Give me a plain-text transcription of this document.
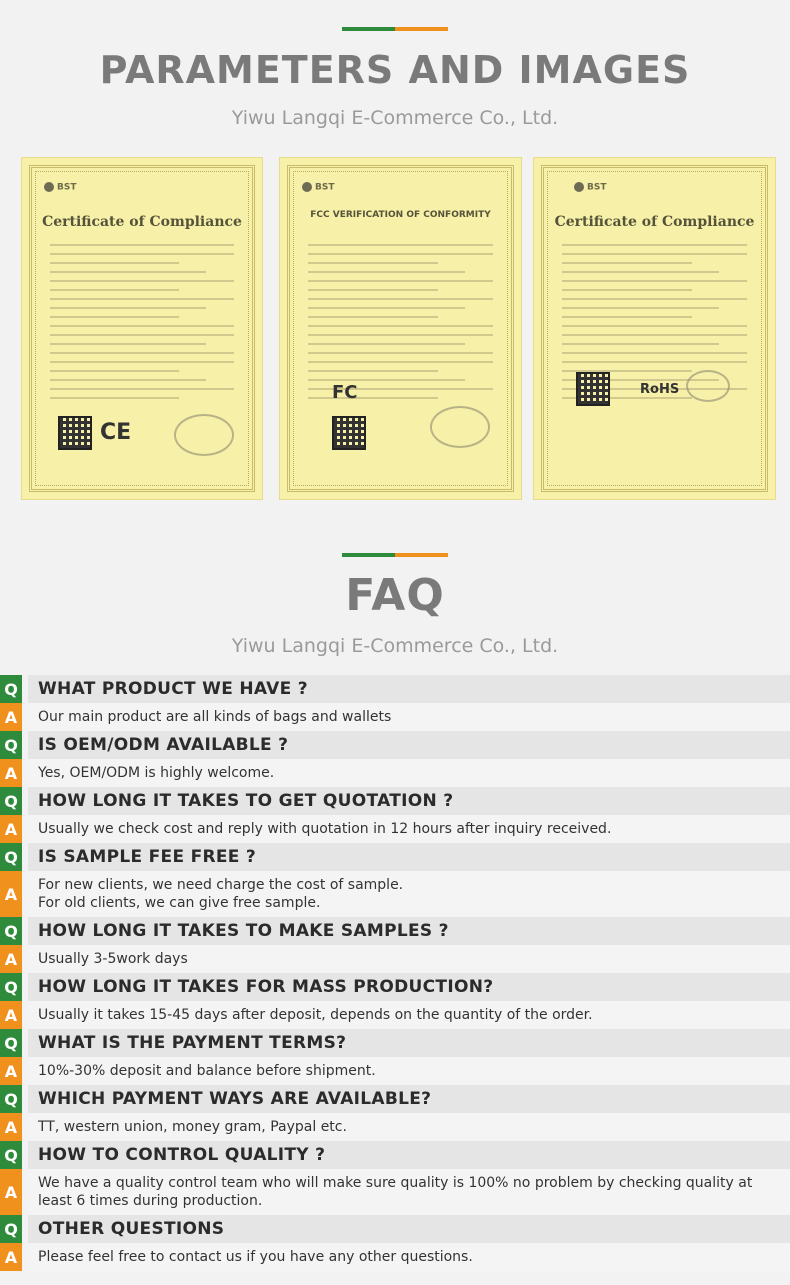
PARAMETERS AND IMAGES
Yiwu Langqi E-Commerce Co., Ltd.
BST
Certificate of Compliance
CE
BST
FCC VERIFICATION OF CONFORMITY
FC
BST
Certificate of Compliance
RoHS
FAQ
Yiwu Langqi E-Commerce Co., Ltd.
Q	WHAT PRODUCT WE HAVE ?
A	Our main product are all kinds of bags and wallets
Q	IS OEM/ODM AVAILABLE ?
A	Yes, OEM/ODM is highly welcome.
Q	HOW LONG IT TAKES TO GET QUOTATION ?
A	Usually we check cost and reply with quotation in 12 hours after inquiry received.
Q	IS SAMPLE FEE FREE ?
A	For new clients, we need charge the cost of sample.
For old clients, we can give free sample.
Q	HOW LONG IT TAKES TO MAKE SAMPLES ?
A	Usually 3-5work days
Q	HOW LONG IT TAKES FOR MASS PRODUCTION?
A	Usually it takes 15-45 days after deposit, depends on the quantity of the order.
Q	WHAT IS THE PAYMENT TERMS?
A	10%-30% deposit and balance before shipment.
Q	WHICH PAYMENT WAYS ARE AVAILABLE?
A	TT, western union, money gram, Paypal etc.
Q	HOW TO CONTROL QUALITY ?
A	We have a quality control team who will make sure quality is 100% no problem by checking quality at least 6 times during production.
Q	OTHER QUESTIONS
A	Please feel free to contact us if you have any other questions.
